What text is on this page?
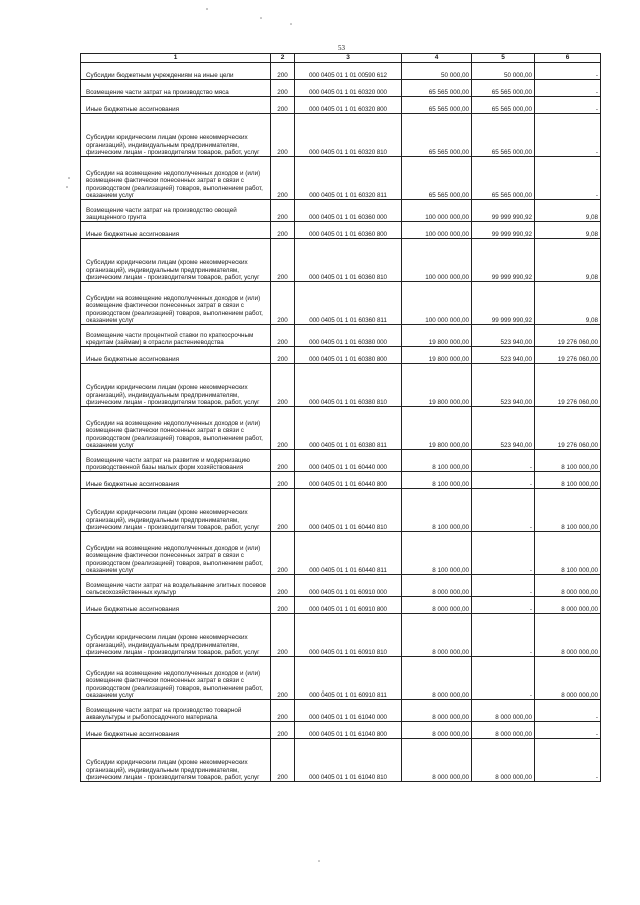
53
1	2	3	4	5	6

Субсидии бюджетным учреждениям на иные цели	200	000 0405 01 1 01 00590 612	50 000,00	50 000,00	-

Возмещение части затрат на производство мяса	200	000 0405 01 1 01 60320 000	65 565 000,00	65 565 000,00	-

Иные бюджетные ассигнования	200	000 0405 01 1 01 60320 800	65 565 000,00	65 565 000,00	-

Субсидии юридическим лицам (кроме некоммерческих организаций), индивидуальным предпринимателям, физическим лицам - производителям товаров, работ, услуг	200	000 0405 01 1 01 60320 810	65 565 000,00	65 565 000,00	-

Субсидии на возмещение недополученных доходов и (или) возмещение фактически понесенных затрат в связи с производством (реализацией) товаров, выполнением работ, оказанием услуг	200	000 0405 01 1 01 60320 811	65 565 000,00	65 565 000,00	-

Возмещение части затрат на производство овощей защищенного грунта	200	000 0405 01 1 01 60360 000	100 000 000,00	99 999 990,92	9,08

Иные бюджетные ассигнования	200	000 0405 01 1 01 60360 800	100 000 000,00	99 999 990,92	9,08

Субсидии юридическим лицам (кроме некоммерческих организаций), индивидуальным предпринимателям, физическим лицам - производителям товаров, работ, услуг	200	000 0405 01 1 01 60360 810	100 000 000,00	99 999 990,92	9,08

Субсидии на возмещение недополученных доходов и (или) возмещение фактически понесенных затрат в связи с производством (реализацией) товаров, выполнением работ, оказанием услуг	200	000 0405 01 1 01 60360 811	100 000 000,00	99 999 990,92	9,08

Возмещение части процентной ставки по краткосрочным кредитам (займам) в отрасли растениеводства	200	000 0405 01 1 01 60380 000	19 800 000,00	523 940,00	19 276 060,00

Иные бюджетные ассигнования	200	000 0405 01 1 01 60380 800	19 800 000,00	523 940,00	19 276 060,00

Субсидии юридическим лицам (кроме некоммерческих организаций), индивидуальным предпринимателям, физическим лицам - производителям товаров, работ, услуг	200	000 0405 01 1 01 60380 810	19 800 000,00	523 940,00	19 276 060,00

Субсидии на возмещение недополученных доходов и (или) возмещение фактически понесенных затрат в связи с производством (реализацией) товаров, выполнением работ, оказанием услуг	200	000 0405 01 1 01 60380 811	19 800 000,00	523 940,00	19 276 060,00

Возмещение части затрат на развитие и модернизацию производственной базы малых форм хозяйствования	200	000 0405 01 1 01 60440 000	8 100 000,00	-	8 100 000,00

Иные бюджетные ассигнования	200	000 0405 01 1 01 60440 800	8 100 000,00	-	8 100 000,00

Субсидии юридическим лицам (кроме некоммерческих организаций), индивидуальным предпринимателям, физическим лицам - производителям товаров, работ, услуг	200	000 0405 01 1 01 60440 810	8 100 000,00	-	8 100 000,00

Субсидии на возмещение недополученных доходов и (или) возмещение фактически понесенных затрат в связи с производством (реализацией) товаров, выполнением работ, оказанием услуг	200	000 0405 01 1 01 60440 811	8 100 000,00	-	8 100 000,00

Возмещение части затрат на возделывание элитных посевов сельскохозяйственных культур	200	000 0405 01 1 01 60910 000	8 000 000,00	-	8 000 000,00

Иные бюджетные ассигнования	200	000 0405 01 1 01 60910 800	8 000 000,00	-	8 000 000,00

Субсидии юридическим лицам (кроме некоммерческих организаций), индивидуальным предпринимателям, физическим лицам - производителям товаров, работ, услуг	200	000 0405 01 1 01 60910 810	8 000 000,00	-	8 000 000,00

Субсидии на возмещение недополученных доходов и (или) возмещение фактически понесенных затрат в связи с производством (реализацией) товаров, выполнением работ, оказанием услуг	200	000 0405 01 1 01 60910 811	8 000 000,00	-	8 000 000,00

Возмещение части затрат на производство товарной аквакультуры и рыбопосадочного материала	200	000 0405 01 1 01 61040 000	8 000 000,00	8 000 000,00	-

Иные бюджетные ассигнования	200	000 0405 01 1 01 61040 800	8 000 000,00	8 000 000,00	-

Субсидии юридическим лицам (кроме некоммерческих организаций), индивидуальным предпринимателям, физическим лицам - производителям товаров, работ, услуг	200	000 0405 01 1 01 61040 810	8 000 000,00	8 000 000,00	-
